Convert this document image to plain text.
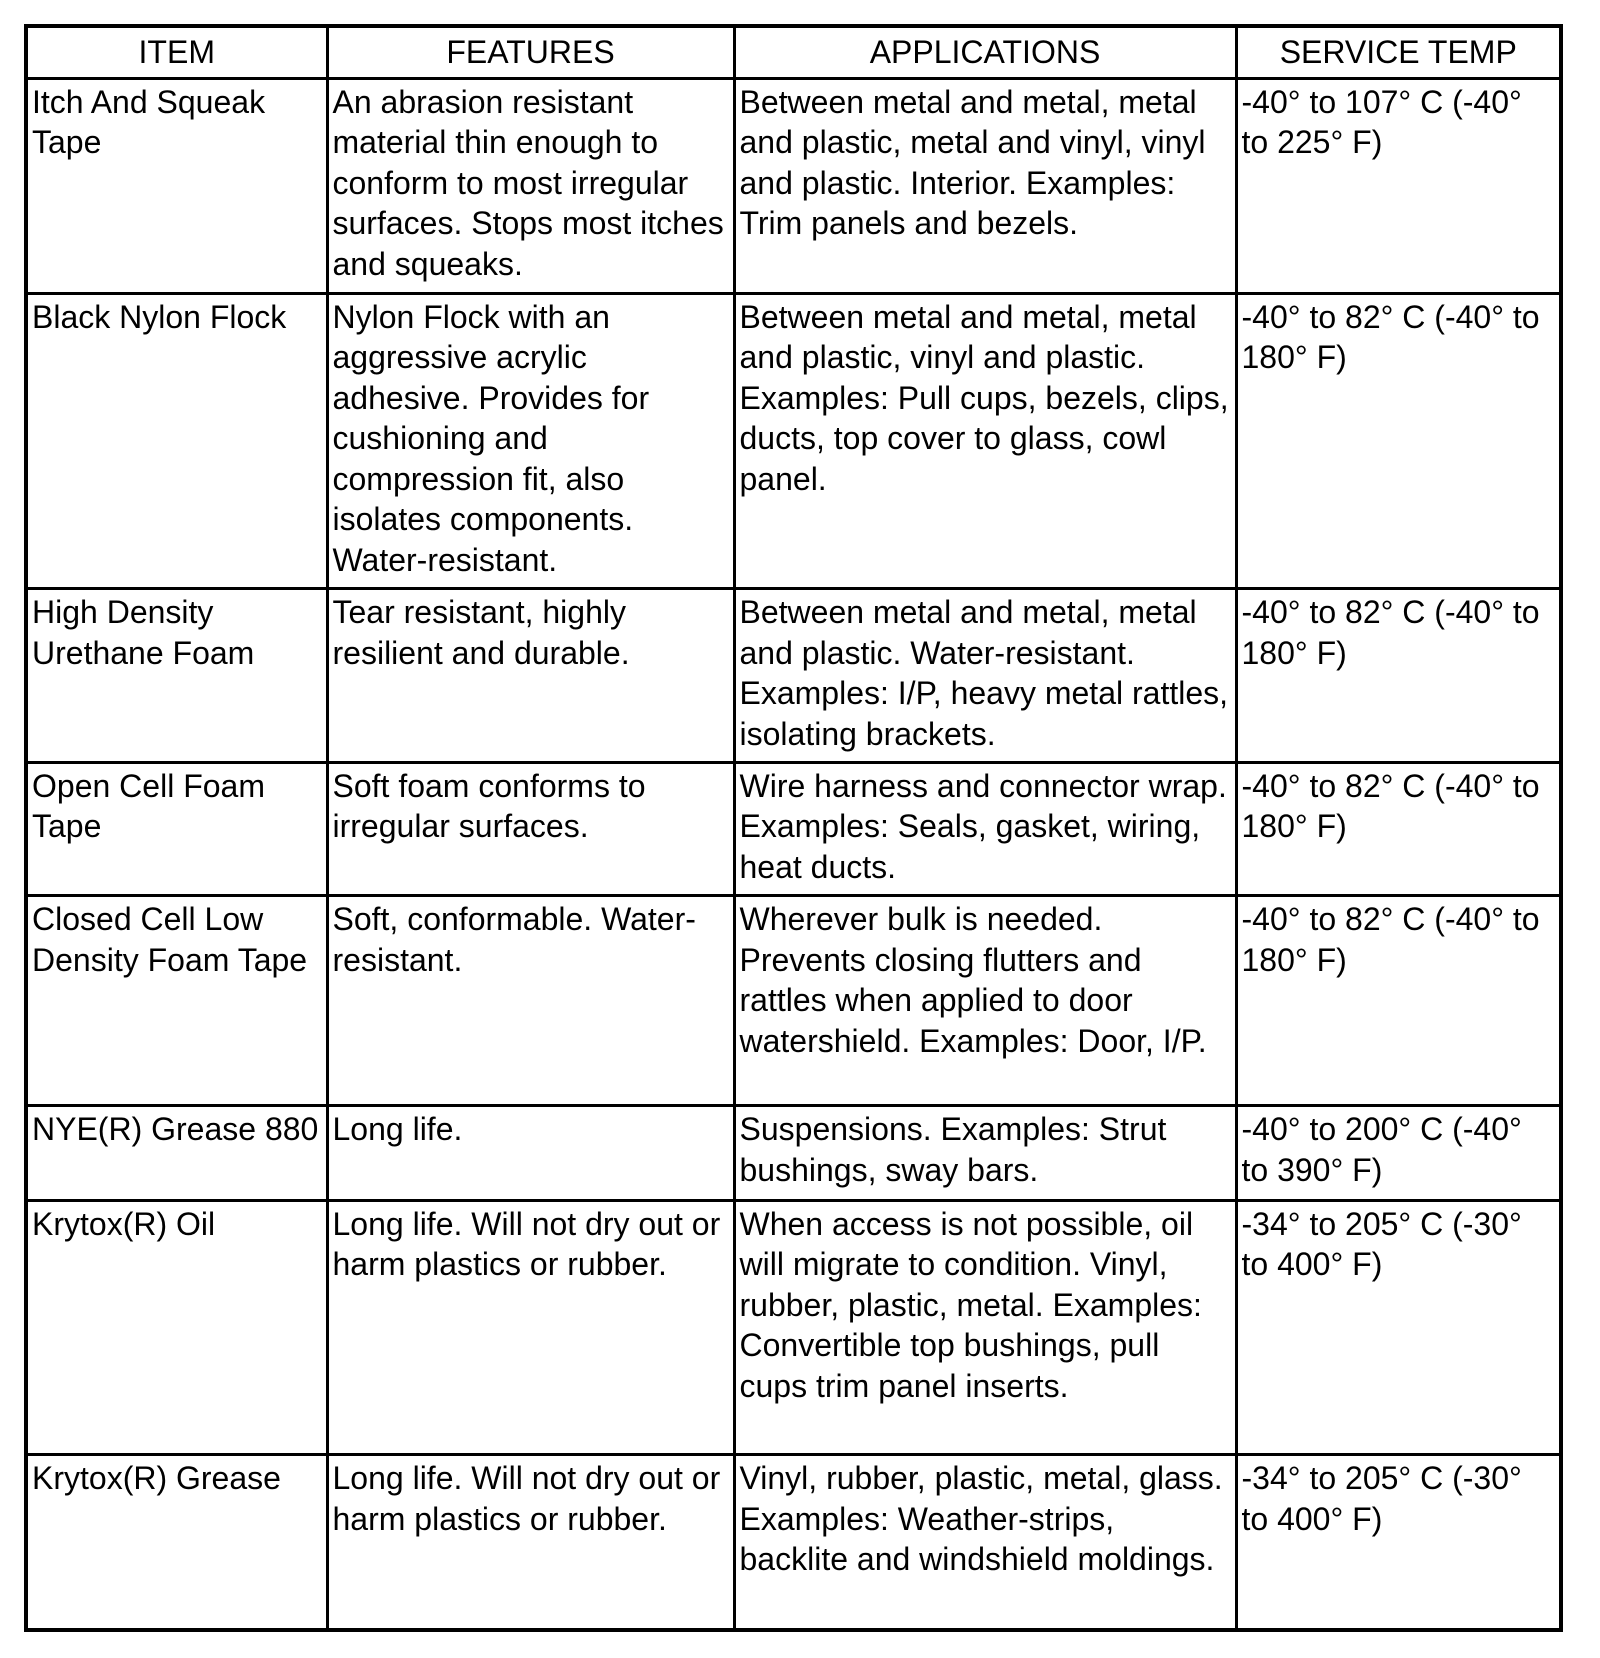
ITEM	FEATURES	APPLICATIONS	SERVICE TEMP
Itch And Squeak Tape	An abrasion resistant material thin enough to conform to most irregular surfaces. Stops most itches and squeaks.	Between metal and metal, metal and plastic, metal and vinyl, vinyl and plastic. Interior. Examples: Trim panels and bezels.	-40° to 107° C (-40° to 225° F)
Black Nylon Flock	Nylon Flock with an aggressive acrylic adhesive. Provides for cushioning and compression fit, also isolates components. Water-resistant.	Between metal and metal, metal and plastic, vinyl and plastic. Examples: Pull cups, bezels, clips, ducts, top cover to glass, cowl panel.	-40° to 82° C (-40° to 180° F)
High Density Urethane Foam	Tear resistant, highly resilient and durable.	Between metal and metal, metal and plastic. Water-resistant. Examples: I/P, heavy metal rattles, isolating brackets.	-40° to 82° C (-40° to 180° F)
Open Cell Foam Tape	Soft foam conforms to irregular surfaces.	Wire harness and connector wrap. Examples: Seals, gasket, wiring, heat ducts.	-40° to 82° C (-40° to 180° F)
Closed Cell Low Density Foam Tape	Soft, conformable. Water-resistant.	Wherever bulk is needed. Prevents closing flutters and rattles when applied to door watershield. Examples: Door, I/P.	-40° to 82° C (-40° to 180° F)
NYE(R) Grease 880	Long life.	Suspensions. Examples: Strut bushings, sway bars.	-40° to 200° C (-40° to 390° F)
Krytox(R) Oil	Long life. Will not dry out or harm plastics or rubber.	When access is not possible, oil will migrate to condition. Vinyl, rubber, plastic, metal. Examples: Convertible top bushings, pull cups trim panel inserts.	-34° to 205° C (-30° to 400° F)
Krytox(R) Grease	Long life. Will not dry out or harm plastics or rubber.	Vinyl, rubber, plastic, metal, glass. Examples: Weather-strips, backlite and windshield moldings.	-34° to 205° C (-30° to 400° F)
